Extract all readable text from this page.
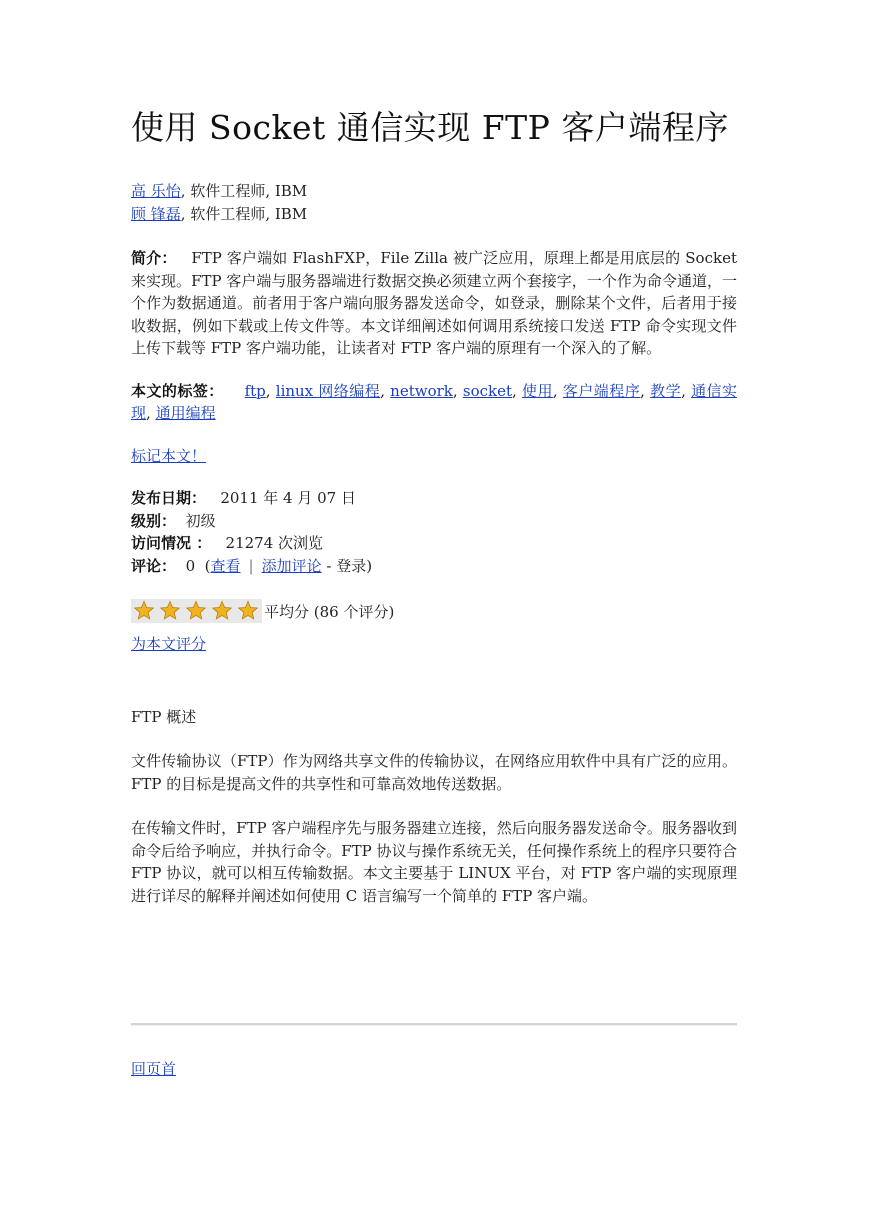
使用 Socket 通信实现 FTP 客户端程序
高 乐怡, 软件工程师, IBM
顾 锋磊, 软件工程师, IBM
简介： FTP 客户端如 FlashFXP，File Zilla 被广泛应用，原理上都是用底层的 Socket 来实现。FTP 客户端与服务器端进行数据交换必须建立两个套接字，一个作为命令通道，一个作为数据通道。前者用于客户端向服务器发送命令，如登录，删除某个文件，后者用于接收数据，例如下载或上传文件等。本文详细阐述如何调用系统接口发送 FTP 命令实现文件上传下载等 FTP 客户端功能，让读者对 FTP 客户端的原理有一个深入的了解。
本文的标签： ftp, linux 网络编程, network, socket, 使用, 客户端程序, 教学, 通信实现, 通用编程
标记本文！
发布日期： 2011 年 4 月 07 日
级别： 初级
访问情况 ： 21274 次浏览
评论： 0 (查看 | 添加评论 - 登录)
平均分 (86 个评分)
为本文评分
FTP 概述
文件传输协议（FTP）作为网络共享文件的传输协议，在网络应用软件中具有广泛的应用。FTP 的目标是提高文件的共享性和可靠高效地传送数据。
在传输文件时，FTP 客户端程序先与服务器建立连接，然后向服务器发送命令。服务器收到命令后给予响应，并执行命令。FTP 协议与操作系统无关，任何操作系统上的程序只要符合 FTP 协议，就可以相互传输数据。本文主要基于 LINUX 平台，对 FTP 客户端的实现原理进行详尽的解释并阐述如何使用 C 语言编写一个简单的 FTP 客户端。
回页首
